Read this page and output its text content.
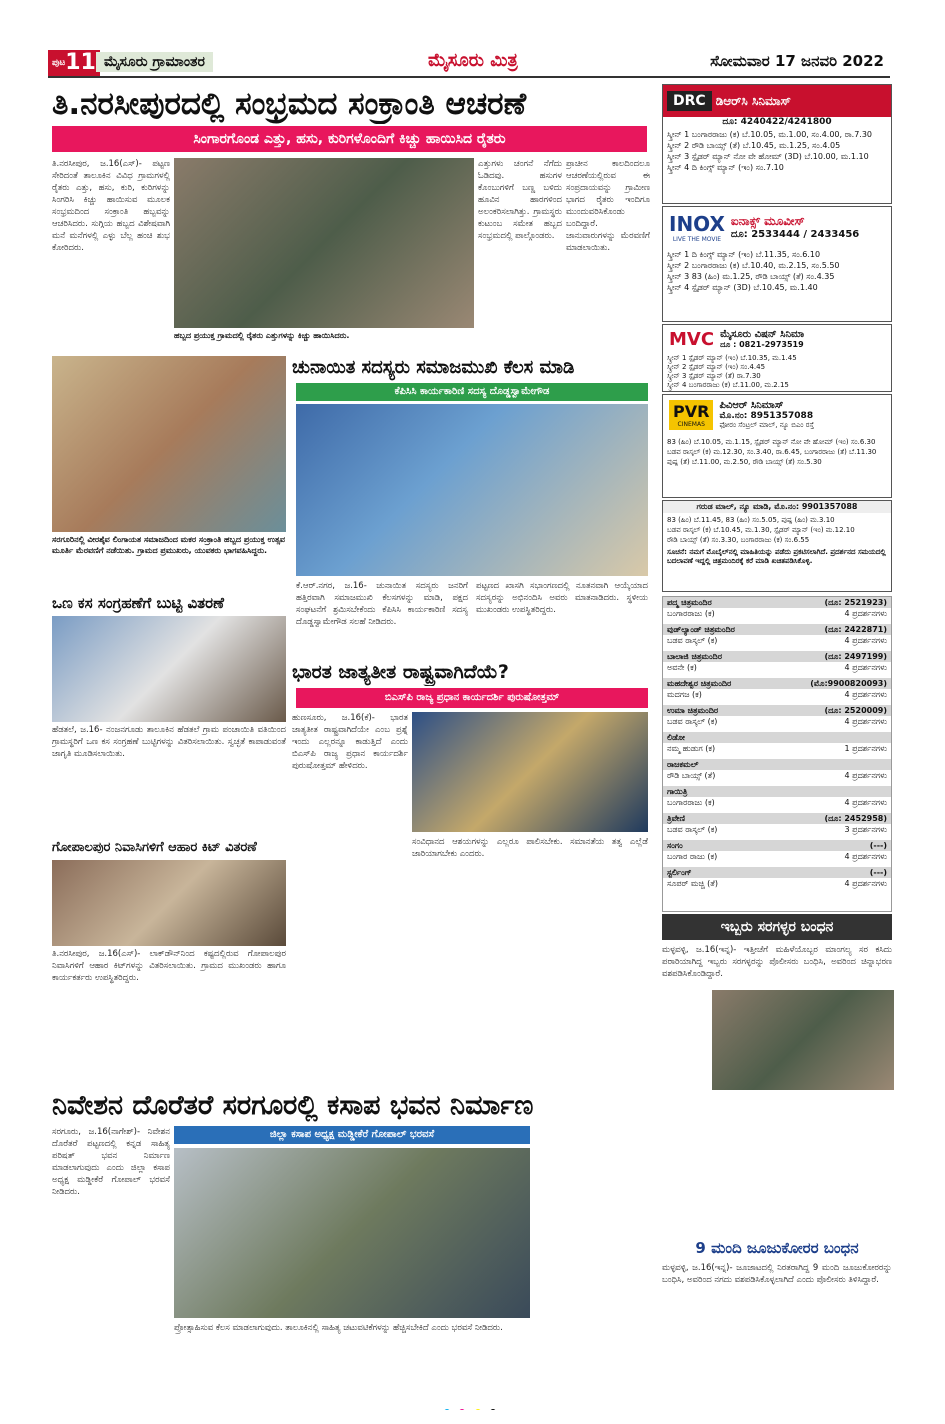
$^{ಪುಟ}$11 ಮೈಸೂರು ಗ್ರಾಮಾಂತರ	ಮೈಸೂರು ಮಿತ್ರ	ಸೋಮವಾರ 17 ಜನವರಿ 2022
ತಿ.ನರಸೀಪುರದಲ್ಲಿ ಸಂಭ್ರಮದ ಸಂಕ್ರಾಂತಿ ಆಚರಣೆ
ಸಿಂಗಾರಗೊಂಡ ಎತ್ತು, ಹಸು, ಕುರಿಗಳೊಂದಿಗೆ ಕಿಚ್ಚು ಹಾಯಿಸಿದ ರೈತರು
ತಿ.ನರಸೀಪುರ, ಜ.16(ಎಸ್)- ಪಟ್ಟಣ ಸೇರಿದಂತೆ ತಾಲೂಕಿನ ವಿವಿಧ ಗ್ರಾಮಗಳಲ್ಲಿ ರೈತರು ಎತ್ತು, ಹಸು, ಕುರಿ, ಕುರಿಗಳನ್ನು ಸಿಂಗರಿಸಿ ಕಿಚ್ಚು ಹಾಯಿಸುವ ಮೂಲಕ ಸಂಭ್ರಮದಿಂದ ಸಂಕ್ರಾಂತಿ ಹಬ್ಬವನ್ನು ಆಚರಿಸಿದರು. ಸುಗ್ಗಿಯ ಹಬ್ಬದ ವಿಶೇಷವಾಗಿ ಮನೆ ಮನೆಗಳಲ್ಲಿ ಎಳ್ಳು ಬೆಲ್ಲ ಹಂಚಿ ಶುಭ ಕೋರಿದರು.
ಹಬ್ಬದ ಪ್ರಯುಕ್ತ ಗ್ರಾಮದಲ್ಲಿ ರೈತರು ಎತ್ತುಗಳನ್ನು ಕಿಚ್ಚು ಹಾಯಿಸಿದರು.
ಎತ್ತುಗಳು ಚಂಗನೆ ನೆಗೆದು ಓಡಿದವು. ಹಸುಗಳ ಕೊಂಬುಗಳಿಗೆ ಬಣ್ಣ ಬಳಿದು ಹೂವಿನ ಹಾರಗಳಿಂದ ಅಲಂಕರಿಸಲಾಗಿತ್ತು. ಗ್ರಾಮಸ್ಥರು ಕುಟುಂಬ ಸಮೇತ ಹಬ್ಬದ ಸಂಭ್ರಮದಲ್ಲಿ ಪಾಲ್ಗೊಂಡರು.
ಪ್ರಾಚೀನ ಕಾಲದಿಂದಲೂ ಆಚರಣೆಯಲ್ಲಿರುವ ಈ ಸಂಪ್ರದಾಯವನ್ನು ಗ್ರಾಮೀಣ ಭಾಗದ ರೈತರು ಇಂದಿಗೂ ಮುಂದುವರಿಸಿಕೊಂಡು ಬಂದಿದ್ದಾರೆ. ಜಾನುವಾರುಗಳನ್ನು ಮೆರವಣಿಗೆ ಮಾಡಲಾಯಿತು.
ಸರಗೂರಿನಲ್ಲಿ ವೀರಶೈವ ಲಿಂಗಾಯತ ಸಮಾಜದಿಂದ ಮಕರ ಸಂಕ್ರಾಂತಿ ಹಬ್ಬದ ಪ್ರಯುಕ್ತ ಉತ್ಸವ ಮೂರ್ತಿ ಮೆರವಣಿಗೆ ನಡೆಯಿತು. ಗ್ರಾಮದ ಪ್ರಮುಖರು, ಯುವಕರು ಭಾಗವಹಿಸಿದ್ದರು.
ಚುನಾಯಿತ ಸದಸ್ಯರು ಸಮಾಜಮುಖಿ ಕೆಲಸ ಮಾಡಿ
ಕೆಪಿಸಿಸಿ ಕಾರ್ಯಕಾರಿಣಿ ಸದಸ್ಯ ದೊಡ್ಡಸ್ವಾಮೇಗೌಡ
ಕೆ.ಆರ್.ನಗರ, ಜ.16- ಚುನಾಯಿತ ಸದಸ್ಯರು ಜನರಿಗೆ ಹತ್ತಿರವಾಗಿ ಸಮಾಜಮುಖಿ ಕೆಲಸಗಳನ್ನು ಮಾಡಿ, ಪಕ್ಷದ ಸಂಘಟನೆಗೆ ಶ್ರಮಿಸಬೇಕೆಂದು ಕೆಪಿಸಿಸಿ ಕಾರ್ಯಕಾರಿಣಿ ಸದಸ್ಯ ದೊಡ್ಡಸ್ವಾಮೇಗೌಡ ಸಲಹೆ ನೀಡಿದರು.
ಪಟ್ಟಣದ ಖಾಸಗಿ ಸಭಾಂಗಣದಲ್ಲಿ ನೂತನವಾಗಿ ಆಯ್ಕೆಯಾದ ಸದಸ್ಯರನ್ನು ಅಭಿನಂದಿಸಿ ಅವರು ಮಾತನಾಡಿದರು. ಸ್ಥಳೀಯ ಮುಖಂಡರು ಉಪಸ್ಥಿತರಿದ್ದರು.
ಒಣ ಕಸ ಸಂಗ್ರಹಣೆಗೆ ಬುಟ್ಟಿ ವಿತರಣೆ
ಹೆಡತಲೆ, ಜ.16- ನಂಜನಗೂಡು ತಾಲೂಕಿನ ಹೆಡತಲೆ ಗ್ರಾಮ ಪಂಚಾಯಿತಿ ವತಿಯಿಂದ ಗ್ರಾಮಸ್ಥರಿಗೆ ಒಣ ಕಸ ಸಂಗ್ರಹಣೆ ಬುಟ್ಟಿಗಳನ್ನು ವಿತರಿಸಲಾಯಿತು. ಸ್ವಚ್ಛತೆ ಕಾಪಾಡುವಂತೆ ಜಾಗೃತಿ ಮೂಡಿಸಲಾಯಿತು.
ಭಾರತ ಜಾತ್ಯತೀತ ರಾಷ್ಟ್ರವಾಗಿದೆಯೆ?
ಬಿಎಸ್‌ಪಿ ರಾಜ್ಯ ಪ್ರಧಾನ ಕಾರ್ಯದರ್ಶಿ ಪುರುಷೋತ್ತಮ್
ಹುಣಸೂರು, ಜ.16(ಕೆ)- ಭಾರತ ಜಾತ್ಯತೀತ ರಾಷ್ಟ್ರವಾಗಿದೆಯೇ ಎಂಬ ಪ್ರಶ್ನೆ ಇಂದು ಎಲ್ಲರನ್ನೂ ಕಾಡುತ್ತಿದೆ ಎಂದು ಬಿಎಸ್‌ಪಿ ರಾಜ್ಯ ಪ್ರಧಾನ ಕಾರ್ಯದರ್ಶಿ ಪುರುಷೋತ್ತಮ್ ಹೇಳಿದರು.
ಸಂವಿಧಾನದ ಆಶಯಗಳನ್ನು ಎಲ್ಲರೂ ಪಾಲಿಸಬೇಕು. ಸಮಾನತೆಯ ತತ್ವ ಎಲ್ಲೆಡೆ ಜಾರಿಯಾಗಬೇಕು ಎಂದರು.
ಗೋಪಾಲಪುರ ನಿವಾಸಿಗಳಿಗೆ ಆಹಾರ ಕಿಟ್ ವಿತರಣೆ
ತಿ.ನರಸೀಪುರ, ಜ.16(ಎಸ್)- ಲಾಕ್‌ಡೌನ್‌ನಿಂದ ಕಷ್ಟದಲ್ಲಿರುವ ಗೋಪಾಲಪುರ ನಿವಾಸಿಗಳಿಗೆ ಆಹಾರ ಕಿಟ್‌ಗಳನ್ನು ವಿತರಿಸಲಾಯಿತು. ಗ್ರಾಮದ ಮುಖಂಡರು ಹಾಗೂ ಕಾರ್ಯಕರ್ತರು ಉಪಸ್ಥಿತರಿದ್ದರು.
ನಿವೇಶನ ದೊರೆತರೆ ಸರಗೂರಲ್ಲಿ ಕಸಾಪ ಭವನ ನಿರ್ಮಾಣ
ಸರಗೂರು, ಜ.16(ನಾಗೇಶ್)- ನಿವೇಶನ ದೊರೆತರೆ ಪಟ್ಟಣದಲ್ಲಿ ಕನ್ನಡ ಸಾಹಿತ್ಯ ಪರಿಷತ್ ಭವನ ನಿರ್ಮಾಣ ಮಾಡಲಾಗುವುದು ಎಂದು ಜಿಲ್ಲಾ ಕಸಾಪ ಅಧ್ಯಕ್ಷ ಮಡ್ಡೀಕೆರೆ ಗೋಪಾಲ್ ಭರವಸೆ ನೀಡಿದರು.
ಜಿಲ್ಲಾ ಕಸಾಪ ಅಧ್ಯಕ್ಷ ಮಡ್ಡೀಕೆರೆ ಗೋಪಾಲ್ ಭರವಸೆ
ಪ್ರೋತ್ಸಾಹಿಸುವ ಕೆಲಸ ಮಾಡಲಾಗುವುದು. ತಾಲೂಕಿನಲ್ಲಿ ಸಾಹಿತ್ಯ ಚಟುವಟಿಕೆಗಳನ್ನು ಹೆಚ್ಚಿಸಬೇಕಿದೆ ಎಂದು ಭರವಸೆ ನೀಡಿದರು.
DRC ಡಿಆರ್‌ಸಿ ಸಿನಿಮಾಸ್
ದೂ: 4240422/4241800
ಸ್ಕ್ರೀನ್ 1 ಬಂಗಾರರಾಜು (ಕ) ಬೆ.10.05, ಮ.1.00, ಸಂ.4.00, ರಾ.7.30
ಸ್ಕ್ರೀನ್ 2 ರೌಡಿ ಬಾಯ್ಸ್ (ತೆ) ಬೆ.10.45, ಮ.1.25, ಸಂ.4.05
ಸ್ಕ್ರೀನ್ 3 ಸ್ಪೈಡರ್ ಮ್ಯಾನ್ ನೋ ವೇ ಹೋಮ್ (3D) ಬೆ.10.00, ಮ.1.10
ಸ್ಕ್ರೀನ್ 4 ದಿ ಕಿಂಗ್ಸ್ ಮ್ಯಾನ್ (ಇಂ) ಸಂ.7.10
INOX
LIVE THE MOVIE
ಐನಾಕ್ಸ್ ಮೂವೀಸ್
ದೂ: 2533444 / 2433456
ಸ್ಕ್ರೀನ್ 1 ದಿ ಕಿಂಗ್ಸ್ ಮ್ಯಾನ್ (ಇಂ) ಬೆ.11.35, ಸಂ.6.10
ಸ್ಕ್ರೀನ್ 2 ಬಂಗಾರರಾಜು (ಕ) ಬೆ.10.40, ಮ.2.15, ಸಂ.5.50
ಸ್ಕ್ರೀನ್ 3 83 (ಹಿಂ) ಮ.1.25, ರೌಡಿ ಬಾಯ್ಸ್ (ತೆ) ಸಂ.4.35
ಸ್ಕ್ರೀನ್ 4 ಸ್ಪೈಡರ್ ಮ್ಯಾನ್ (3D) ಬೆ.10.45, ಮ.1.40
MVC ಮೈಸೂರು ವಿಷನ್ ಸಿನಿಮಾ
ದೂ : 0821-2973519
ಸ್ಕ್ರೀನ್ 1 ಸ್ಪೈಡರ್ ಮ್ಯಾನ್ (ಇಂ) ಬೆ.10.35, ಮ.1.45
ಸ್ಕ್ರೀನ್ 2 ಸ್ಪೈಡರ್ ಮ್ಯಾನ್ (ಇಂ) ಸಂ.4.45
ಸ್ಕ್ರೀನ್ 3 ಸ್ಪೈಡರ್ ಮ್ಯಾನ್ (ತೆ) ರಾ.7.30
ಸ್ಕ್ರೀನ್ 4 ಬಂಗಾರರಾಜು (ಕ) ಬೆ.11.00, ಮ.2.15
PVR
CINEMAS
ಪಿವಿಆರ್ ಸಿನಿಮಾಸ್
ಮೊ.ನಂ: 8951357088
ಫೋರಂ ಸೆಂಟ್ರಲ್ ಮಾಲ್, ನ್ಯೂ ಬಿಎಂ ರಸ್ತೆ
83 (ಹಿಂ) ಬೆ.10.05, ಮ.1.15, ಸ್ಪೈಡರ್ ಮ್ಯಾನ್ ನೋ ವೇ ಹೋಮ್ (ಇಂ) ಸಂ.6.30
ಬಡವ ರಾಸ್ಕಲ್ (ಕ) ಮ.12.30, ಸಂ.3.40, ರಾ.6.45, ಬಂಗಾರರಾಜು (ತೆ) ಬೆ.11.30
ಪುಷ್ಪ (ತೆ) ಬೆ.11.00, ಮ.2.50, ರೌಡಿ ಬಾಯ್ಸ್ (ತೆ) ಸಂ.5.30
ಗರುಡ ಮಾಲ್, ನ್ಯೂ ಮಾಡಿ, ಮೊ.ನಂ: 9901357088
83 (ಹಿಂ) ಬೆ.11.45, 83 (ಹಿಂ) ಸಂ.5.05, ಪುಷ್ಪ (ಹಿಂ) ಮ.3.10
ಬಡವ ರಾಸ್ಕಲ್ (ಕ) ಬೆ.10.45, ಮ.1.30, ಸ್ಪೈಡರ್ ಮ್ಯಾನ್ (ಇಂ) ಮ.12.10
ರೌಡಿ ಬಾಯ್ಸ್ (ತೆ) ಸಂ.3.30, ಬಂಗಾರರಾಜು (ಕ) ಸಂ.6.55
ಸೂಚನೆ: ನಮಗೆ ಮೊಬೈಲ್‌ನಲ್ಲಿ ಮಾಹಿತಿಯನ್ನು ಪಡೆದು ಪ್ರಕಟಿಸಲಾಗಿದೆ. ಪ್ರದರ್ಶನದ ಸಮಯದಲ್ಲಿ ಬದಲಾವಣೆ ಇದ್ದಲ್ಲಿ ಚಿತ್ರಮಂದಿರಕ್ಕೆ ಕರೆ ಮಾಡಿ ಖಚಿತಪಡಿಸಿಕೊಳ್ಳಿ.
ಪದ್ಮ ಚಿತ್ರಮಂದಿರ	(ದೂ: 2521923)
ಬಂಗಾರರಾಜು (ಕ)	4 ಪ್ರದರ್ಶನಗಳು
ವುಡ್‌ಲ್ಯಾಂಡ್ ಚಿತ್ರಮಂದಿರ	(ದೂ: 2422871)
ಬಡವ ರಾಸ್ಕಲ್ (ಕ)	4 ಪ್ರದರ್ಶನಗಳು
ಬಾಲಾಜಿ ಚಿತ್ರಮಂದಿರ	(ದೂ: 2497199)
ಅವನೇ (ಕ)	4 ಪ್ರದರ್ಶನಗಳು
ಮಹದೇಶ್ವರ ಚಿತ್ರಮಂದಿರ	(ಮೊ:9900820093)
ಮದಗಜ (ಕ)	4 ಪ್ರದರ್ಶನಗಳು
ಉಮಾ ಚಿತ್ರಮಂದಿರ	(ದೂ: 2520009)
ಬಡವ ರಾಸ್ಕಲ್ (ಕ)	4 ಪ್ರದರ್ಶನಗಳು
ಲಿಡೋ
ನಮ್ಮ ಹುಡುಗ (ಕ)	1 ಪ್ರದರ್ಶನಗಳು
ರಾಜಕಮಲ್
ರೌಡಿ ಬಾಯ್ಸ್ (ತೆ)	4 ಪ್ರದರ್ಶನಗಳು
ಗಾಯಿತ್ರಿ
ಬಂಗಾರರಾಜು (ಕ)	4 ಪ್ರದರ್ಶನಗಳು
ತ್ರಿವೇಣಿ	(ದೂ: 2452958)
ಬಡವ ರಾಸ್ಕಲ್ (ಕ)	3 ಪ್ರದರ್ಶನಗಳು
ಸಂಗಂ	(---)
ಬಂಗಾರ ರಾಜು (ಕ)	4 ಪ್ರದರ್ಶನಗಳು
ಸ್ಟರ್ಲಿಂಗ್	(---)
ಸೂಪರ್ ಮಚ್ಚಿ (ತೆ)	4 ಪ್ರದರ್ಶನಗಳು
ಇಬ್ಬರು ಸರಗಳ್ಳರ ಬಂಧನ
ಮಳ್ಳವಳ್ಳಿ, ಜ.16(ಇನ್ನ)- ಇತ್ತೀಚೆಗೆ ಮಹಿಳೆಯೊಬ್ಬರ ಮಾಂಗಲ್ಯ ಸರ ಕಸಿದು ಪರಾರಿಯಾಗಿದ್ದ ಇಬ್ಬರು ಸರಗಳ್ಳರನ್ನು ಪೊಲೀಸರು ಬಂಧಿಸಿ, ಅವರಿಂದ ಚಿನ್ನಾಭರಣ ವಶಪಡಿಸಿಕೊಂಡಿದ್ದಾರೆ.
9 ಮಂದಿ ಜೂಜುಕೋರರ ಬಂಧನ
ಮಳ್ಳವಳ್ಳಿ, ಜ.16(ಇನ್ನ)- ಜೂಜಾಟದಲ್ಲಿ ನಿರತರಾಗಿದ್ದ 9 ಮಂದಿ ಜೂಜುಕೋರರನ್ನು ಬಂಧಿಸಿ, ಅವರಿಂದ ನಗದು ವಶಪಡಿಸಿಕೊಳ್ಳಲಾಗಿದೆ ಎಂದು ಪೊಲೀಸರು ತಿಳಿಸಿದ್ದಾರೆ.
